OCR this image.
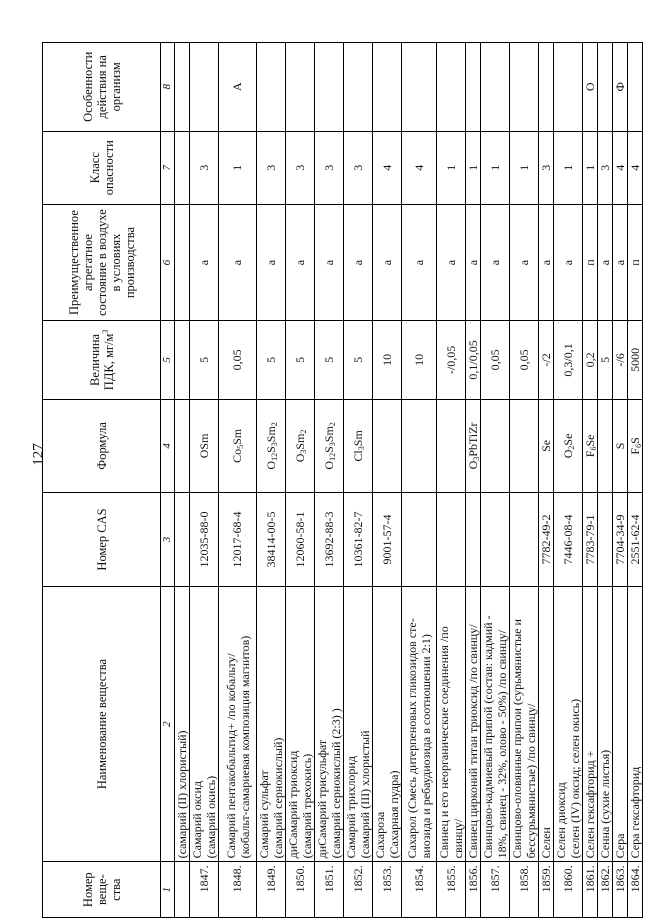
127
Номер веще-ства	Наименование вещества	Номер CAS	Формула	Величина ПДК, $мг/м^3$	Преимущественное агрегатное состояние в воздухе в условиях производства	Класс опасности	Особенности действия на организм
1	2	3	4	5	6	7	8

	(самарий (II) хлористый)						

1847.	Самарий оксид (самарий окись)	12035-88-0	OSm	5	а	3	
1848.	Самарий пентакобальтид+ /по кобальту/ (кобальт-самариевая композиция магнитов)	12017-68-4	$Co_5Sm$	0,05	а	1	А
1849.	Самарий сульфат (самарий сернокислый)	38414-00-5	$O_{12}S_3Sm_2$	5	а	3	
1850.	диСамарий триоксид (самарий трехокись)	12060-58-1	$O_3Sm_2$	5	а	3	
1851.	диСамарий трисульфат (самарий сернокислый (2:3) )	13692-88-3	$O_{12}S_3Sm_2$	5	а	3	
1852.	Самарий трихлорид (самарий (III) хлористый	10361-82-7	$Cl_3Sm$	5	а	3	
1853.	Сахароза (Сахарная пудра)	9001-57-4		10	а	4	
1854.	Сахарол (Смесь дитерпеновых гликозидов сте- виозида и ребаудиозида в соотношении 2:1)			10	а	4	
1855.	Свинец и его неорганические соединения /по свинцу/			-/0,05	а	1	
1856.	Свинец цирконий титан триоксид /по свинцу/		$O_3PbTiZr$	0,1/0,05	а	1	
1857.	Свинцово-кадмиевый припой (состав: кадмий - 18%, свинец - 32%, олово - 50%) /по свинцу/			0,05	а	1	
1858.	Свинцово-оловянные припои (сурьмянистые и бессурьмянистые) /по свинцу/			0,05	а	1	
1859.	Селен	7782-49-2	Se	-/2	а	3	
1860.	Селен диоксид (селен (IV) оксид; селен окись)	7446-08-4	$O_2Se$	0,3/0,1	а	1	
1861.	Селен гексафторид +	7783-79-1	$F_6Se$	0,2	п	1	О
1862.	Сенна (сухие листья)			5	а	3	
1863.	Сера	7704-34-9	S	-/6	а	4	Ф
1864.	Сера гексафторид	2551-62-4	$F_6S$	5000	п	4	
